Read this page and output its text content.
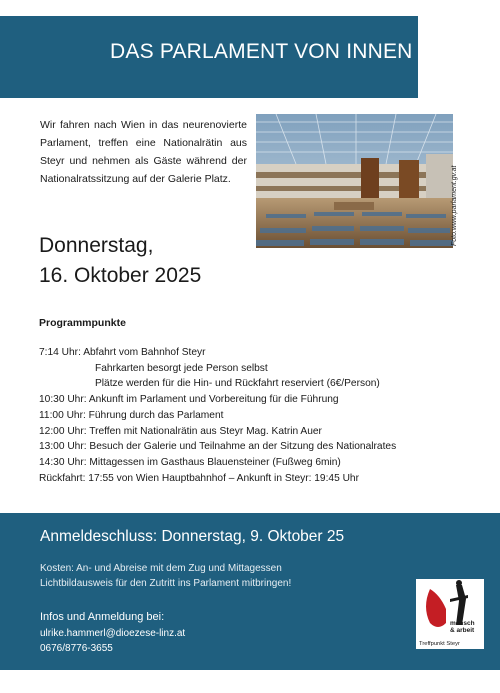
DAS PARLAMENT VON INNEN
Wir fahren nach Wien in das neurenovierte Parlament, treffen eine Nationalrätin aus Steyr und nehmen als Gäste während der Nationalratssitzung auf der Galerie Platz.	Foto:www.parlament.gv.at
Donnerstag,
16. Oktober 2025
Programmpunkte
7:14 Uhr: Abfahrt vom Bahnhof Steyr
Fahrkarten besorgt jede Person selbst
Plätze werden für die Hin- und Rückfahrt reserviert (6€/Person)
10:30 Uhr: Ankunft im Parlament und Vorbereitung für die Führung
11:00 Uhr: Führung durch das Parlament
12:00 Uhr: Treffen mit Nationalrätin aus Steyr Mag. Katrin Auer
13:00 Uhr: Besuch der Galerie und Teilnahme an der Sitzung des Nationalrates
14:30 Uhr: Mittagessen im Gasthaus Blauensteiner (Fußweg 6min)
Rückfahrt: 17:55 von Wien Hauptbahnhof – Ankunft in Steyr: 19:45 Uhr
Anmeldeschluss: Donnerstag, 9. Oktober 25
Kosten: An- und Abreise mit dem Zug und Mittagessen
Lichtbildausweis für den Zutritt ins Parlament mitbringen!
Infos und Anmeldung bei:
ulrike.hammerl@dioezese-linz.at
0676/8776-3655
mensch
& arbeit
Treffpunkt Steyr
